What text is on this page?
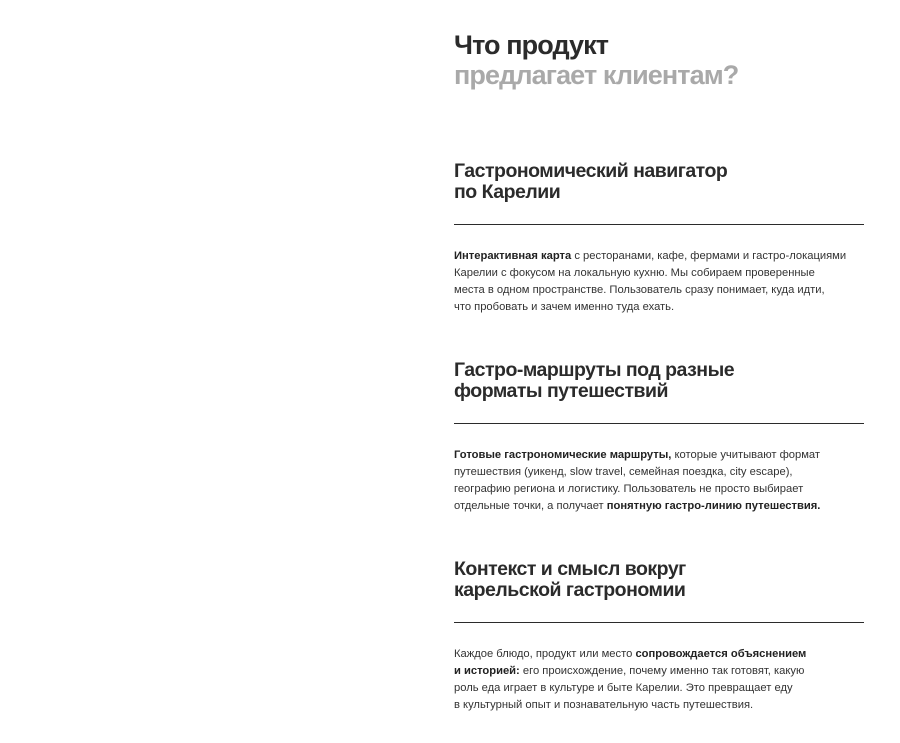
Что продукт
предлагает клиентам?
Гастрономический навигатор
по Карелии

Интерактивная карта с ресторанами, кафе, фермами и гастро-локациями
Карелии с фокусом на локальную кухню. Мы собираем проверенные
места в одном пространстве. Пользователь сразу понимает, куда идти,
что пробовать и зачем именно туда ехать.

Гастро-маршруты под разные
форматы путешествий

Готовые гастрономические маршруты, которые учитывают формат
путешествия (уикенд, slow travel, семейная поездка, city escape),
географию региона и логистику. Пользователь не просто выбирает
отдельные точки, а получает понятную гастро-линию путешествия.

Контекст и смысл вокруг
карельской гастрономии

Каждое блюдо, продукт или место сопровождается объяснением
и историей: его происхождение, почему именно так готовят, какую
роль еда играет в культуре и быте Карелии. Это превращает еду
в культурный опыт и познавательную часть путешествия.
